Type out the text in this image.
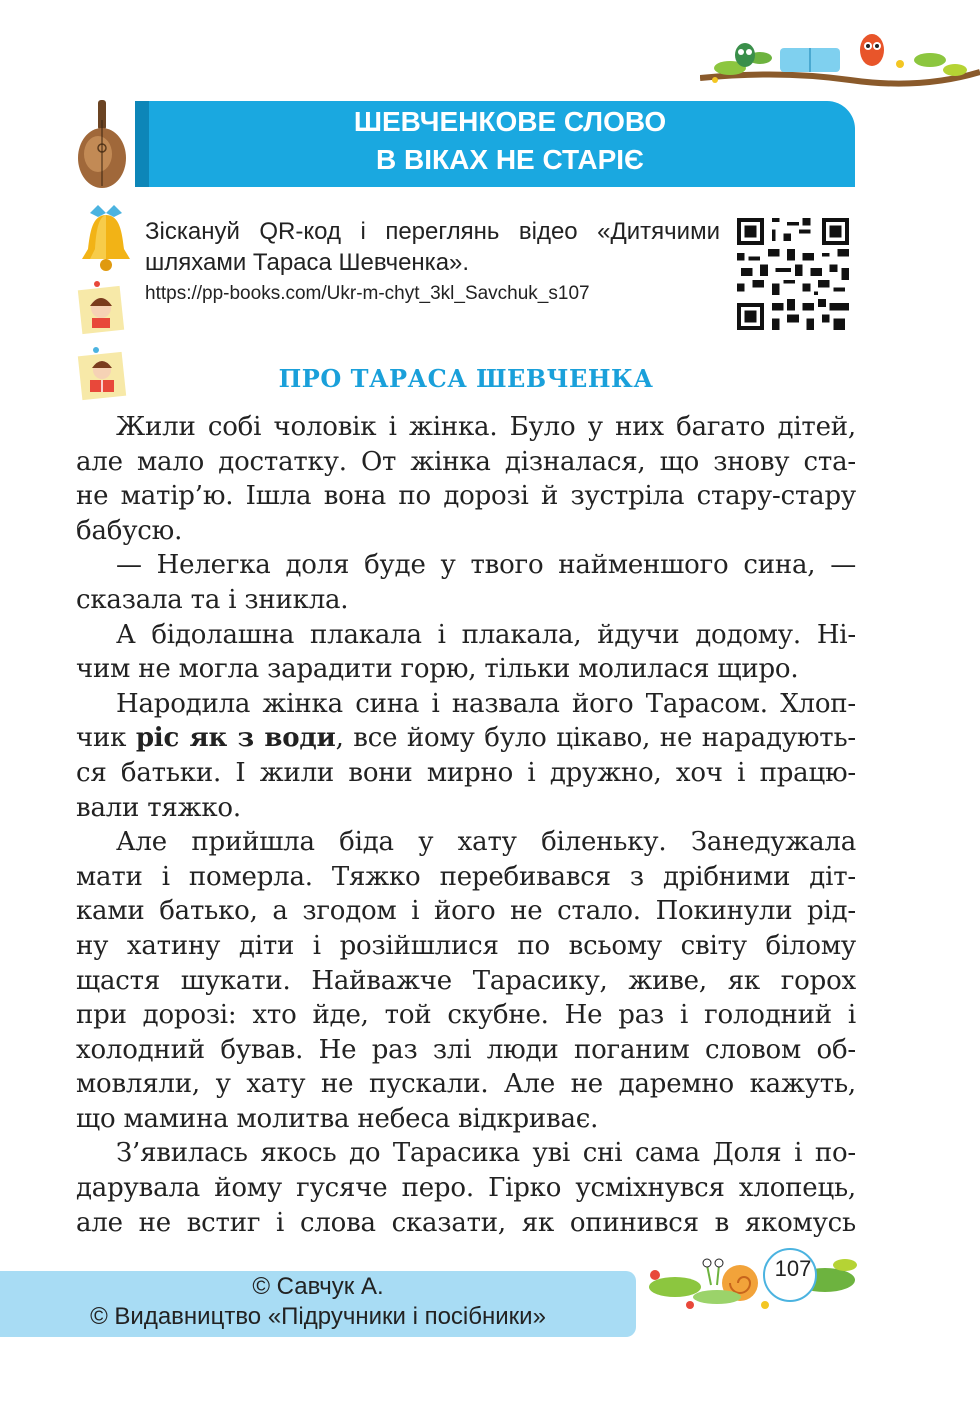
ШЕВЧЕНКОВЕ СЛОВО
В ВІКАХ НЕ СТАРІЄ
Зіскануй QR-код і переглянь відео «Дитячими шляхами Тараса Шевченка».
https://pp-books.com/Ukr-m-chyt_3kl_Savchuk_s107
ПРО ТАРАСА ШЕВЧЕНКА
Жили собі чоловік і жінка. Було у них багато дітей,
але мало достатку. От жінка дізналася, що знову ста-
не матір’ю. Ішла вона по дорозі й зустріла стару-стару
бабусю.
— Нелегка доля буде у твого найменшого сина, —
сказала та і зникла.
А бідолашна плакала і плакала, йдучи додому. Ні-
чим не могла зарадити горю, тільки молилася щиро.
Народила жінка сина і назвала його Тарасом. Хлоп-
чик ріс як з води, все йому було цікаво, не нарадують-
ся батьки. І жили вони мирно і дружно, хоч і працю-
вали тяжко.
Але прийшла біда у хату біленьку. Занедужала
мати і померла. Тяжко перебивався з дрібними діт-
ками батько, а згодом і його не стало. Покинули рід-
ну хатину діти і розійшлися по всьому світу білому
щастя шукати. Найважче Тарасику, живе, як горох
при дорозі: хто йде, той скубне. Не раз і голодний і
холодний бував. Не раз злі люди поганим словом об-
мовляли, у хату не пускали. Але не даремно кажуть,
що мамина молитва небеса відкриває.
З’явилась якось до Тарасика уві сні сама Доля і по-
дарувала йому гусяче перо. Гірко усміхнувся хлопець,
але не встиг і слова сказати, як опинився в якомусь
© Савчук А.
© Видавництво «Підручники і посібники»
107
